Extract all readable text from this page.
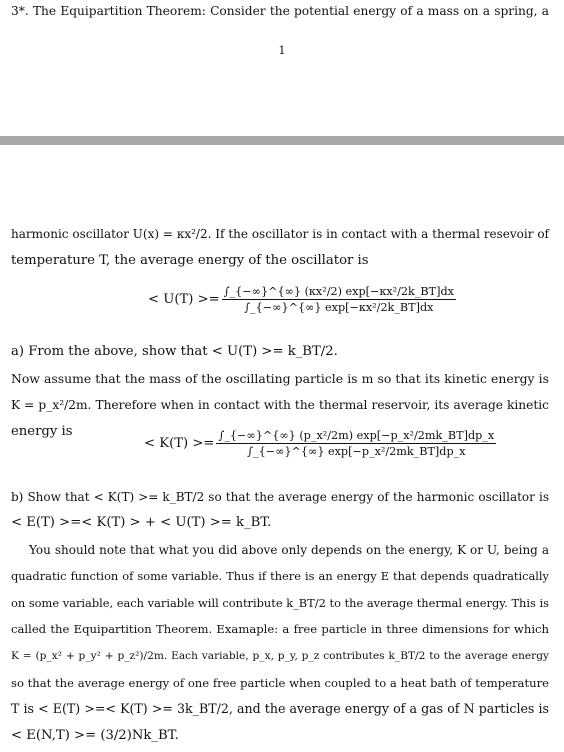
3*. The Equipartition Theorem: Consider the potential energy of a mass on a spring, a
1
harmonic oscillator U(x) = κx²/2. If the oscillator is in contact with a thermal resevoir of
temperature T, the average energy of the oscillator is
< $U(T) >= \frac{\text{∫\_\{−∞\}\textasciicircum{}\{∞\} (κx²/2) exp[−κx²/2k\_BT]dx}}{\text{∫\_\{−∞\}\textasciicircum{}\{∞\} exp[−κx²/2k\_BT]dx}}$
a) From the above, show that < U(T) >= k_BT/2.
Now assume that the mass of the oscillating particle is m so that its kinetic energy is
K = p_x²/2m. Therefore when in contact with the thermal reservoir, its average kinetic
energy is
< $K(T) >= \frac{\text{∫\_\{−∞\}\textasciicircum{}\{∞\} (p\_x²/2m) exp[−p\_x²/2mk\_BT]dp\_x}}{\text{∫\_\{−∞\}\textasciicircum{}\{∞\} exp[−p\_x²/2mk\_BT]dp\_x}}$
b) Show that < K(T) >= k_BT/2 so that the average energy of the harmonic oscillator is
< E(T) >=< K(T) > + < U(T) >= k_BT.
You should note that what you did above only depends on the energy, K or U, being a
quadratic function of some variable. Thus if there is an energy E that depends quadratically
on some variable, each variable will contribute k_BT/2 to the average thermal energy. This is
called the Equipartition Theorem. Examaple: a free particle in three dimensions for which
K = (p_x² + p_y² + p_z²)/2m. Each variable, p_x, p_y, p_z contributes k_BT/2 to the average energy
so that the average energy of one free particle when coupled to a heat bath of temperature
T is < E(T) >=< K(T) >= 3k_BT/2, and the average energy of a gas of N particles is
< E(N,T) >= (3/2)Nk_BT.
